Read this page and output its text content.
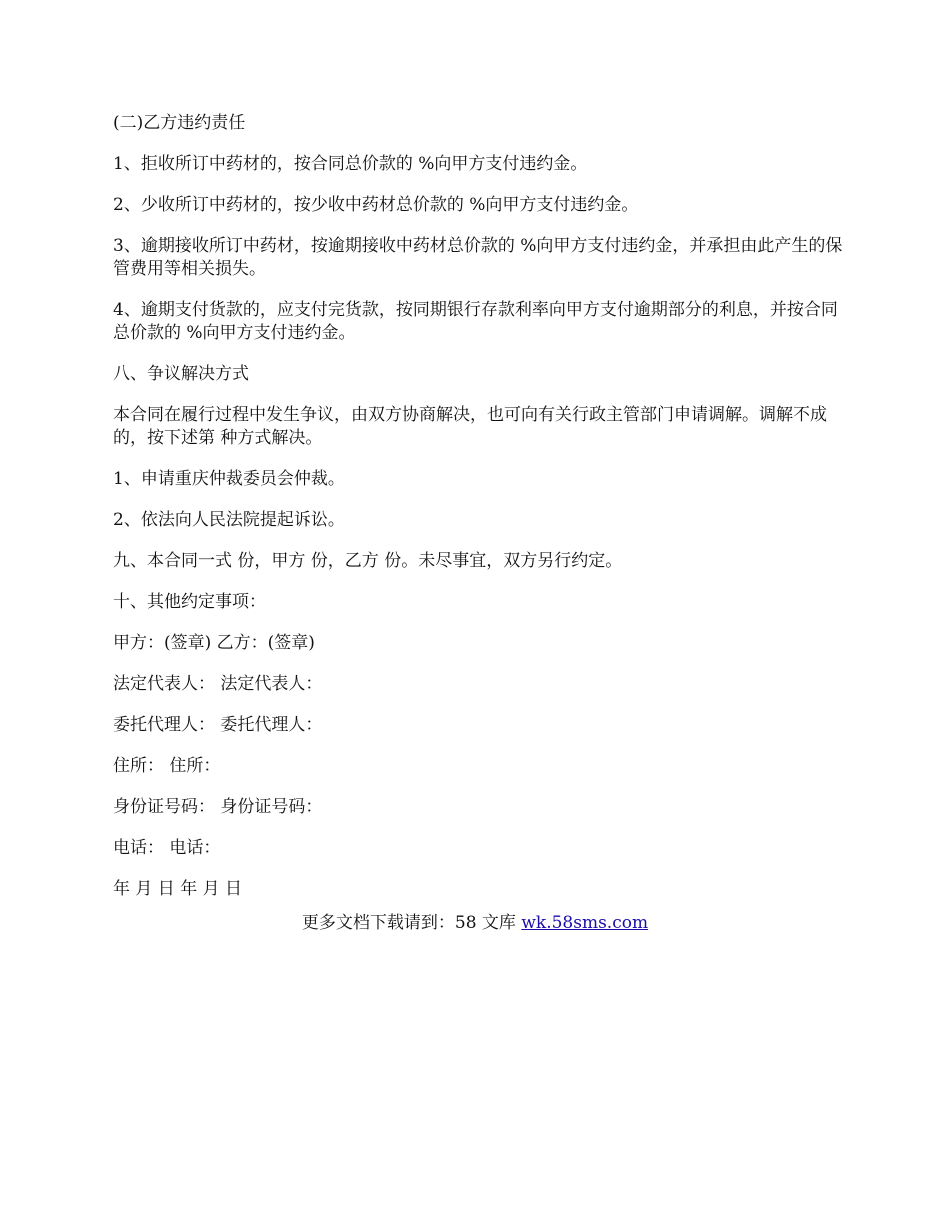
(二)乙方违约责任

1、拒收所订中药材的，按合同总价款的 %向甲方支付违约金。

2、少收所订中药材的，按少收中药材总价款的 %向甲方支付违约金。

3、逾期接收所订中药材，按逾期接收中药材总价款的 %向甲方支付违约金，并承担由此产生的保管费用等相关损失。

4、逾期支付货款的，应支付完货款，按同期银行存款利率向甲方支付逾期部分的利息，并按合同总价款的 %向甲方支付违约金。

八、争议解决方式

本合同在履行过程中发生争议，由双方协商解决，也可向有关行政主管部门申请调解。调解不成的，按下述第 种方式解决。

1、申请重庆仲裁委员会仲裁。

2、依法向人民法院提起诉讼。

九、本合同一式 份，甲方 份，乙方 份。未尽事宜，双方另行约定。

十、其他约定事项：

甲方：(签章) 乙方：(签章)

法定代表人： 法定代表人：

委托代理人： 委托代理人：

住所： 住所：

身份证号码： 身份证号码：

电话： 电话：

年 月 日 年 月 日

更多文档下载请到：58 文库 wk.58sms.com
